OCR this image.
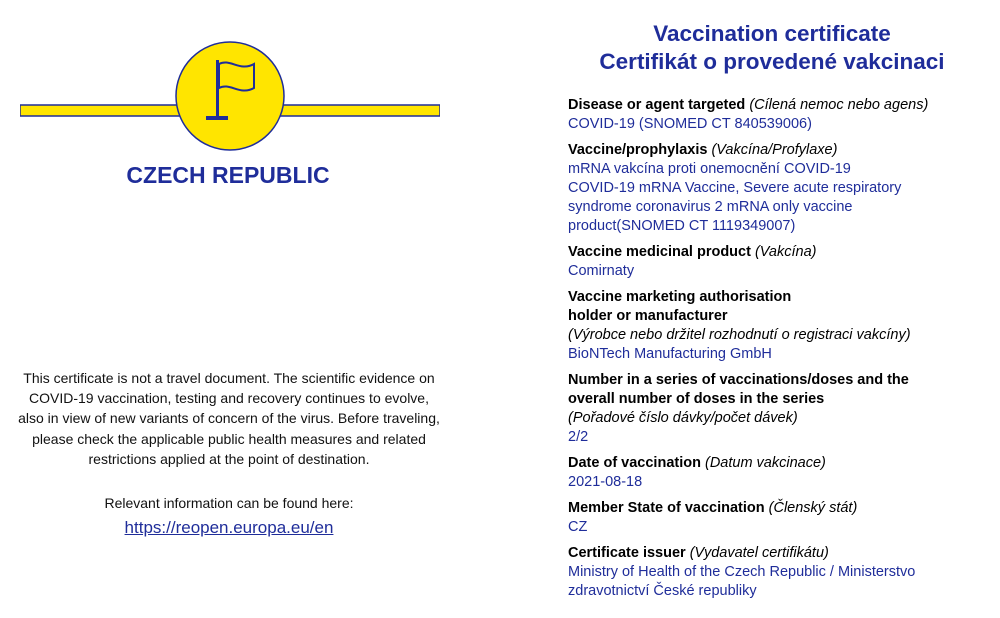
CZECH REPUBLIC
This certificate is not a travel document. The scientific evidence on COVID-19 vaccination, testing and recovery continues to evolve, also in view of new variants of concern of the virus. Before traveling, please check the applicable public health measures and related restrictions applied at the point of destination.
Relevant information can be found here:
https://reopen.europa.eu/en
Vaccination certificate
Certifikát o provedené vakcinaci
Disease or agent targeted (Cílená nemoc nebo agens)
COVID-19 (SNOMED CT 840539006)
Vaccine/prophylaxis (Vakcína/Profylaxe)
mRNA vakcína proti onemocnění COVID-19
COVID-19 mRNA Vaccine, Severe acute respiratory syndrome coronavirus 2 mRNA only vaccine product(SNOMED CT 1119349007)
Vaccine medicinal product (Vakcína)
Comirnaty
Vaccine marketing authorisation holder or manufacturer
(Výrobce nebo držitel rozhodnutí o registraci vakcíny)
BioNTech Manufacturing GmbH
Number in a series of vaccinations/doses and the overall number of doses in the series
(Pořadové číslo dávky/počet dávek)
2/2
Date of vaccination (Datum vakcinace)
2021-08-18
Member State of vaccination (Členský stát)
CZ
Certificate issuer (Vydavatel certifikátu)
Ministry of Health of the Czech Republic / Ministerstvo zdravotnictví České republiky
